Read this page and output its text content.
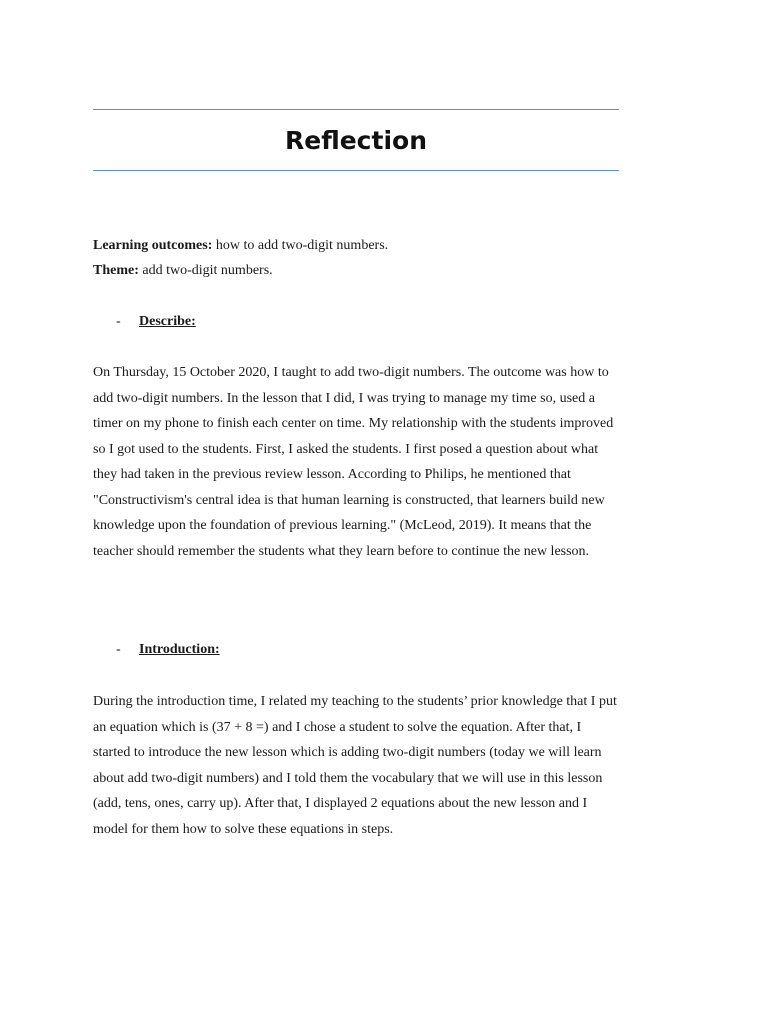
Reflection
Learning outcomes: how to add two-digit numbers.
Theme: add two-digit numbers.
- Describe:
On Thursday, 15 October 2020, I taught to add two-digit numbers. The outcome was how to
add two-digit numbers. In the lesson that I did, I was trying to manage my time so, used a
timer on my phone to finish each center on time. My relationship with the students improved
so I got used to the students. First, I asked the students. I first posed a question about what
they had taken in the previous review lesson. According to Philips, he mentioned that
"Constructivism's central idea is that human learning is constructed, that learners build new
knowledge upon the foundation of previous learning." (McLeod, 2019). It means that the
teacher should remember the students what they learn before to continue the new lesson.
- Introduction:
During the introduction time, I related my teaching to the students’ prior knowledge that I put
an equation which is (37 + 8 =) and I chose a student to solve the equation. After that, I
started to introduce the new lesson which is adding two-digit numbers (today we will learn
about add two-digit numbers) and I told them the vocabulary that we will use in this lesson
(add, tens, ones, carry up). After that, I displayed 2 equations about the new lesson and I
model for them how to solve these equations in steps.
